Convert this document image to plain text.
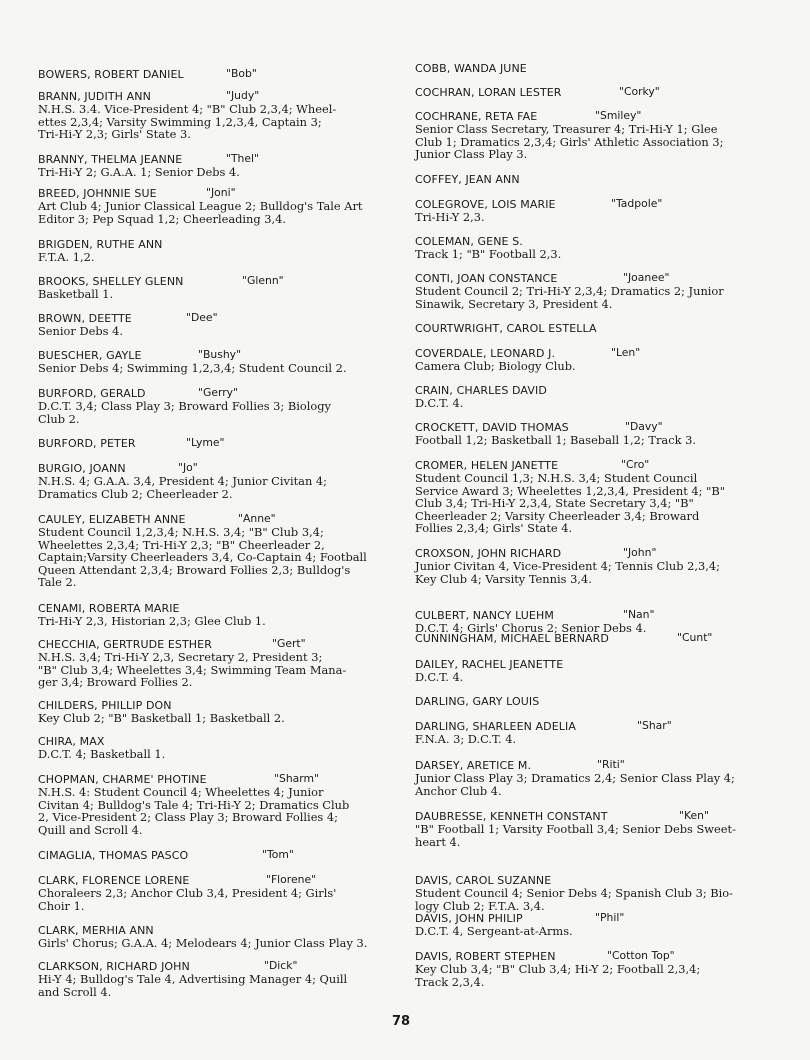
BOWERS, ROBERT DANIEL	"Bob"
BRANN, JUDITH ANN	"Judy"
N.H.S. 3.4. Vice-President 4; "B" Club 2,3,4; Wheel-
ettes 2,3,4; Varsity Swimming 1,2,3,4, Captain 3;
Tri-Hi-Y 2,3; Girls' State 3.
BRANNY, THELMA JEANNE	"Thel"
Tri-Hi-Y 2; G.A.A. 1; Senior Debs 4.
BREED, JOHNNIE SUE	"Joni"
Art Club 4; Junior Classical League 2; Bulldog's Tale Art
Editor 3; Pep Squad 1,2; Cheerleading 3,4.
BRIGDEN, RUTHE ANN
F.T.A. 1,2.
BROOKS, SHELLEY GLENN	"Glenn"
Basketball 1.
BROWN, DEETTE	"Dee"
Senior Debs 4.
BUESCHER, GAYLE	"Bushy"
Senior Debs 4; Swimming 1,2,3,4; Student Council 2.
BURFORD, GERALD	"Gerry"
D.C.T. 3,4; Class Play 3; Broward Follies 3; Biology
Club 2.
BURFORD, PETER	"Lyme"
BURGIO, JOANN	"Jo"
N.H.S. 4; G.A.A. 3,4, President 4; Junior Civitan 4;
Dramatics Club 2; Cheerleader 2.
CAULEY, ELIZABETH ANNE	"Anne"
Student Council 1,2,3,4; N.H.S. 3,4; "B" Club 3,4;
Wheelettes 2,3,4; Tri-Hi-Y 2,3; "B" Cheerleader 2,
Captain;Varsity Cheerleaders 3,4, Co-Captain 4; Football
Queen Attendant 2,3,4; Broward Follies 2,3; Bulldog's
Tale 2.
CENAMI, ROBERTA MARIE
Tri-Hi-Y 2,3, Historian 2,3; Glee Club 1.
CHECCHIA, GERTRUDE ESTHER	"Gert"
N.H.S. 3,4; Tri-Hi-Y 2,3, Secretary 2, President 3;
"B" Club 3,4; Wheelettes 3,4; Swimming Team Mana-
ger 3,4; Broward Follies 2.
CHILDERS, PHILLIP DON
Key Club 2; "B" Basketball 1; Basketball 2.
CHIRA, MAX
D.C.T. 4; Basketball 1.
CHOPMAN, CHARME' PHOTINE	"Sharm"
N.H.S. 4: Student Council 4; Wheelettes 4; Junior
Civitan 4; Bulldog's Tale 4; Tri-Hi-Y 2; Dramatics Club
2, Vice-President 2; Class Play 3; Broward Follies 4;
Quill and Scroll 4.
CIMAGLIA, THOMAS PASCO	"Tom"
CLARK, FLORENCE LORENE	"Florene"
Choraleers 2,3; Anchor Club 3,4, President 4; Girls'
Choir 1.
CLARK, MERHIA ANN
Girls' Chorus; G.A.A. 4; Melodears 4; Junior Class Play 3.
CLARKSON, RICHARD JOHN	"Dick"
Hi-Y 4; Bulldog's Tale 4, Advertising Manager 4; Quill
and Scroll 4.
COBB, WANDA JUNE
COCHRAN, LORAN LESTER	"Corky"
COCHRANE, RETA FAE	"Smiley"
Senior Class Secretary, Treasurer 4; Tri-Hi-Y 1; Glee
Club 1; Dramatics 2,3,4; Girls' Athletic Association 3;
Junior Class Play 3.
COFFEY, JEAN ANN
COLEGROVE, LOIS MARIE	"Tadpole"
Tri-Hi-Y 2,3.
COLEMAN, GENE S.
Track 1; "B" Football 2,3.
CONTI, JOAN CONSTANCE	"Joanee"
Student Council 2; Tri-Hi-Y 2,3,4; Dramatics 2; Junior
Sinawik, Secretary 3, President 4.
COURTWRIGHT, CAROL ESTELLA
COVERDALE, LEONARD J.	"Len"
Camera Club; Biology Club.
CRAIN, CHARLES DAVID
D.C.T. 4.
CROCKETT, DAVID THOMAS	"Davy"
Football 1,2; Basketball 1; Baseball 1,2; Track 3.
CROMER, HELEN JANETTE	"Cro"
Student Council 1,3; N.H.S. 3,4; Student Council
Service Award 3; Wheelettes 1,2,3,4, President 4; "B"
Club 3,4; Tri-Hi-Y 2,3,4, State Secretary 3,4; "B"
Cheerleader 2; Varsity Cheerleader 3,4; Broward
Follies 2,3,4; Girls' State 4.
CROXSON, JOHN RICHARD	"John"
Junior Civitan 4, Vice-President 4; Tennis Club 2,3,4;
Key Club 4; Varsity Tennis 3,4.
CULBERT, NANCY LUEHM	"Nan"
D.C.T. 4; Girls' Chorus 2; Senior Debs 4.
CUNNINGHAM, MICHAEL BERNARD	"Cunt"
DAILEY, RACHEL JEANETTE
D.C.T. 4.
DARLING, GARY LOUIS
DARLING, SHARLEEN ADELIA	"Shar"
F.N.A. 3; D.C.T. 4.
DARSEY, ARETICE M.	"Riti"
Junior Class Play 3; Dramatics 2,4; Senior Class Play 4;
Anchor Club 4.
DAUBRESSE, KENNETH CONSTANT	"Ken"
"B" Football 1; Varsity Football 3,4; Senior Debs Sweet-
heart 4.
DAVIS, CAROL SUZANNE
Student Council 4; Senior Debs 4; Spanish Club 3; Bio-
logy Club 2; F.T.A. 3,4.
DAVIS, JOHN PHILIP	"Phil"
D.C.T. 4, Sergeant-at-Arms.
DAVIS, ROBERT STEPHEN	"Cotton Top"
Key Club 3,4; "B" Club 3,4; Hi-Y 2; Football 2,3,4;
Track 2,3,4.
78
